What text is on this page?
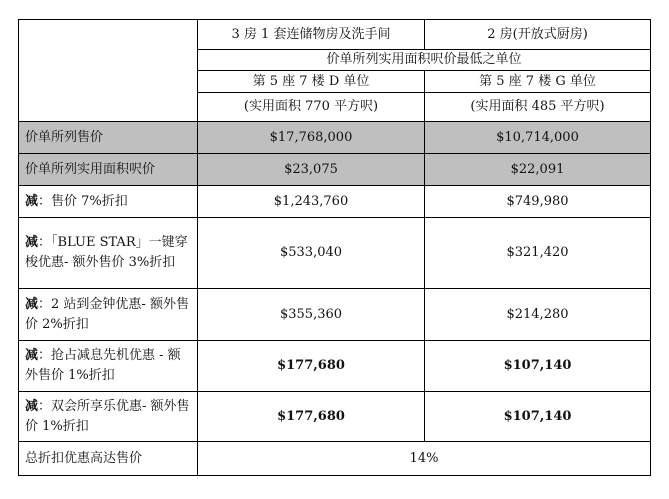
	3 房 1 套连储物房及洗手间	2 房(开放式厨房)
	价单所列实用面积呎价最低之单位	
	第 5 座 7 楼 D 单位	第 5 座 7 楼 G 单位
	(实用面积 770 平方呎)	(实用面积 485 平方呎)
价单所列售价	$17,768,000	$10,714,000
价单所列实用面积呎价	$23,075	$22,091
减：售价 7%折扣	$1,243,760	$749,980
减：「BLUE STAR」一键穿梭优惠- 额外售价 3%折扣	$533,040	$321,420
减：2 站到金钟优惠- 额外售价 2%折扣	$355,360	$214,280
减：抢占减息先机优惠 - 额外售价 1%折扣	$177,680	$107,140
减：双会所享乐优惠- 额外售价 1%折扣	$177,680	$107,140
总折扣优惠高达售价	14%	
